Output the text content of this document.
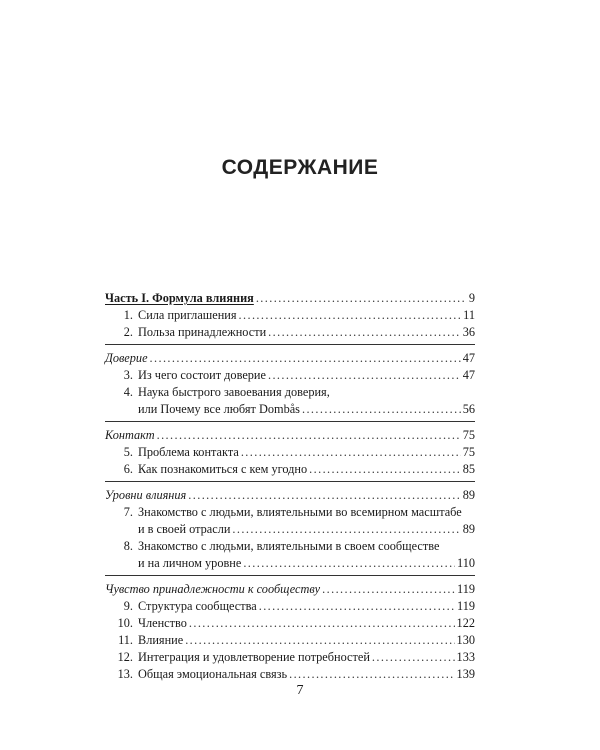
СОДЕРЖАНИЕ
Часть I. Формула влияния .....	9
1. Сила приглашения .....	11
2. Польза принадлежности .....	36
Доверие .....	47
3. Из чего состоит доверие .....	47
4. Наука быстрого завоевания доверия,
или Почему все любят Dombås .....	56
Контакт .....	75
5. Проблема контакта .....	75
6. Как познакомиться с кем угодно .....	85
Уровни влияния .....	89
7. Знакомство с людьми, влиятельными во всемирном масштабе
и в своей отрасли .....	89
8. Знакомство с людьми, влиятельными в своем сообществе
и на личном уровне .....	110
Чувство принадлежности к сообществу .....	119
9. Структура сообщества .....	119
10. Членство .....	122
11. Влияние .....	130
12. Интеграция и удовлетворение потребностей .....	133
13. Общая эмоциональная связь .....	139
7
